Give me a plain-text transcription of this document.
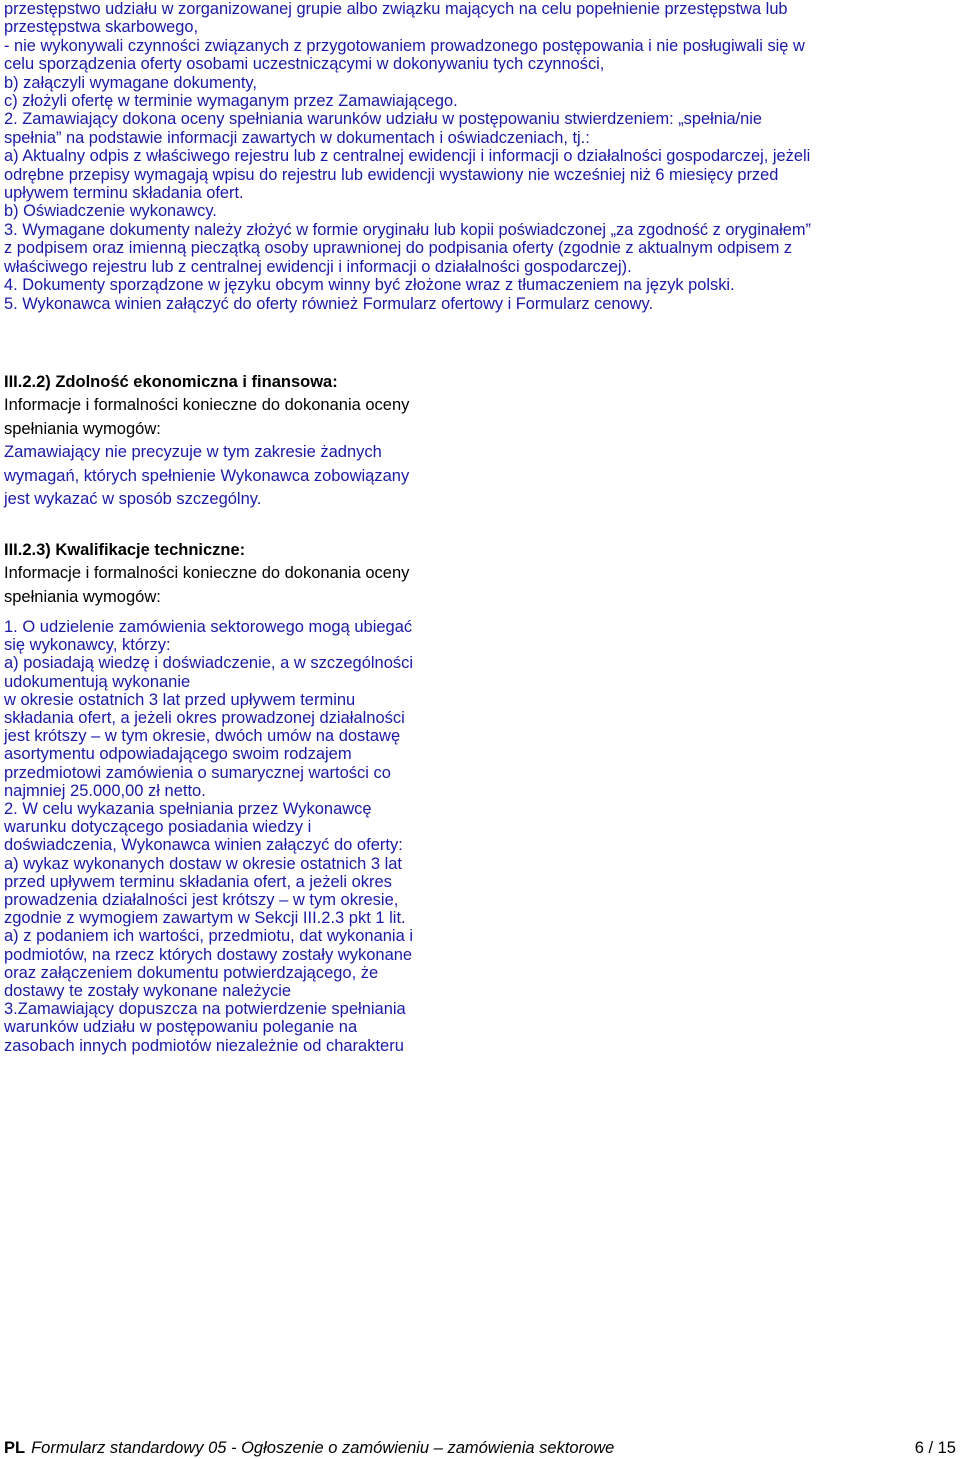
przestępstwo udziału w zorganizowanej grupie albo związku mających na celu popełnienie przestępstwa lub
przestępstwa skarbowego,
- nie wykonywali czynności związanych z przygotowaniem prowadzonego postępowania i nie posługiwali się w
celu sporządzenia oferty osobami uczestniczącymi w dokonywaniu tych czynności,
b) załączyli wymagane dokumenty,
c) złożyli ofertę w terminie wymaganym przez Zamawiającego.
2. Zamawiający dokona oceny spełniania warunków udziału w postępowaniu stwierdzeniem: „spełnia/nie
spełnia” na podstawie informacji zawartych w dokumentach i oświadczeniach, tj.:
a) Aktualny odpis z właściwego rejestru lub z centralnej ewidencji i informacji o działalności gospodarczej, jeżeli
odrębne przepisy wymagają wpisu do rejestru lub ewidencji wystawiony nie wcześniej niż 6 miesięcy przed
upływem terminu składania ofert.
b) Oświadczenie wykonawcy.
3. Wymagane dokumenty należy złożyć w formie oryginału lub kopii poświadczonej „za zgodność z oryginałem”
z podpisem oraz imienną pieczątką osoby uprawnionej do podpisania oferty (zgodnie z aktualnym odpisem z
właściwego rejestru lub z centralnej ewidencji i informacji o działalności gospodarczej).
4. Dokumenty sporządzone w języku obcym winny być złożone wraz z tłumaczeniem na język polski.
5. Wykonawca winien załączyć do oferty również Formularz ofertowy i Formularz cenowy.
III.2.2) Zdolność ekonomiczna i finansowa:
Informacje i formalności konieczne do dokonania oceny
spełniania wymogów:
Zamawiający nie precyzuje w tym zakresie żadnych
wymagań, których spełnienie Wykonawca zobowiązany
jest wykazać w sposób szczególny.
III.2.3) Kwalifikacje techniczne:
Informacje i formalności konieczne do dokonania oceny
spełniania wymogów:
1. O udzielenie zamówienia sektorowego mogą ubiegać
się wykonawcy, którzy:
a) posiadają wiedzę i doświadczenie, a w szczególności
udokumentują wykonanie
w okresie ostatnich 3 lat przed upływem terminu
składania ofert, a jeżeli okres prowadzonej działalności
jest krótszy – w tym okresie, dwóch umów na dostawę
asortymentu odpowiadającego swoim rodzajem
przedmiotowi zamówienia o sumarycznej wartości co
najmniej 25.000,00 zł netto.
2. W celu wykazania spełniania przez Wykonawcę
warunku dotyczącego posiadania wiedzy i
doświadczenia, Wykonawca winien załączyć do oferty:
a) wykaz wykonanych dostaw w okresie ostatnich 3 lat
przed upływem terminu składania ofert, a jeżeli okres
prowadzenia działalności jest krótszy – w tym okresie,
zgodnie z wymogiem zawartym w Sekcji III.2.3 pkt 1 lit.
a) z podaniem ich wartości, przedmiotu, dat wykonania i
podmiotów, na rzecz których dostawy zostały wykonane
oraz załączeniem dokumentu potwierdzającego, że
dostawy te zostały wykonane należycie
3.Zamawiający dopuszcza na potwierdzenie spełniania
warunków udziału w postępowaniu poleganie na
zasobach innych podmiotów niezależnie od charakteru
PL Formularz standardowy 05 - Ogłoszenie o zamówieniu – zamówienia sektorowe	6 / 15
